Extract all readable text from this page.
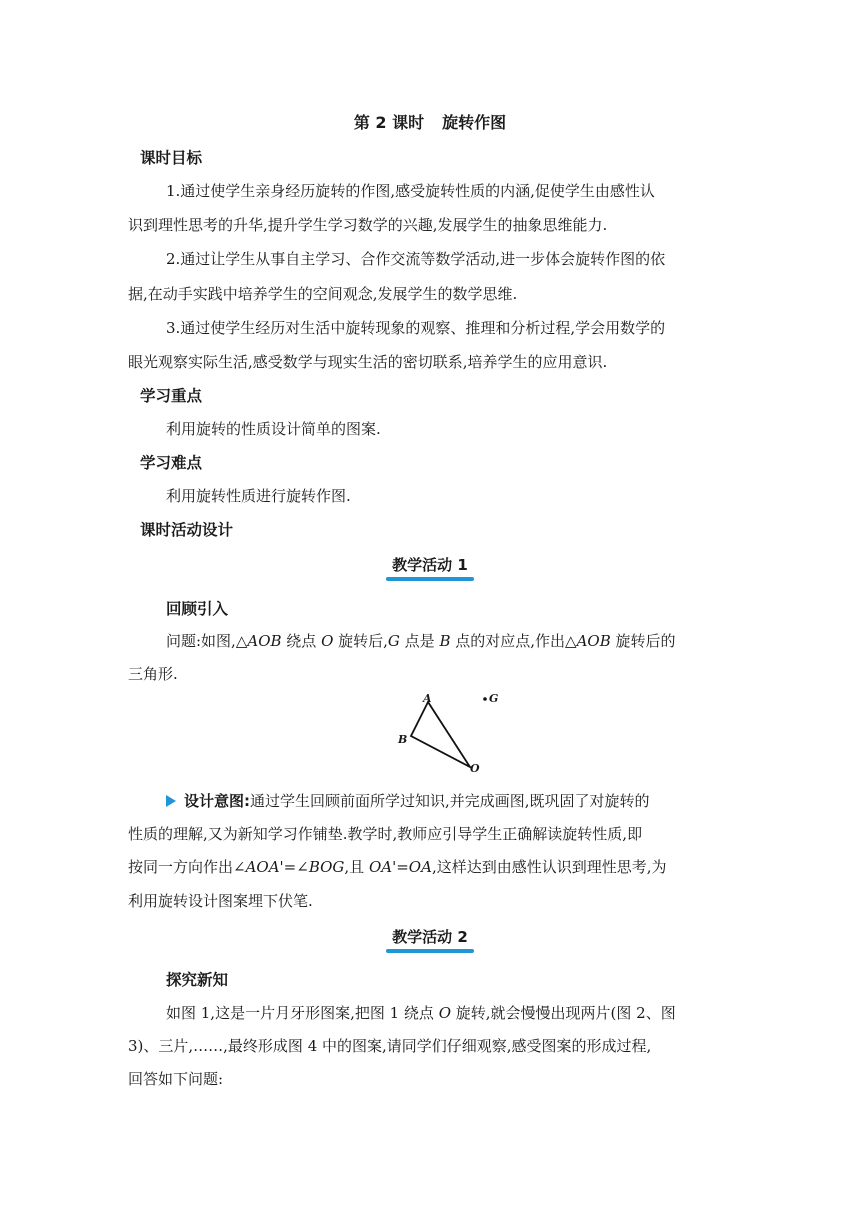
第 2 课时 旋转作图
课时目标
1.通过使学生亲身经历旋转的作图,感受旋转性质的内涵,促使学生由感性认
识到理性思考的升华,提升学生学习数学的兴趣,发展学生的抽象思维能力.
2.通过让学生从事自主学习、合作交流等数学活动,进一步体会旋转作图的依
据,在动手实践中培养学生的空间观念,发展学生的数学思维.
3.通过使学生经历对生活中旋转现象的观察、推理和分析过程,学会用数学的
眼光观察实际生活,感受数学与现实生活的密切联系,培养学生的应用意识.
学习重点
利用旋转的性质设计简单的图案.
学习难点
利用旋转性质进行旋转作图.
课时活动设计
教学活动 1
回顾引入
问题:如图,△AOB 绕点 O 旋转后,G 点是 B 点的对应点,作出△AOB 旋转后的
三角形.
A
B
O
G
设计意图:通过学生回顾前面所学过知识,并完成画图,既巩固了对旋转的
性质的理解,又为新知学习作铺垫.教学时,教师应引导学生正确解读旋转性质,即
按同一方向作出∠AOA'=∠BOG,且 OA'=OA,这样达到由感性认识到理性思考,为
利用旋转设计图案埋下伏笔.
教学活动 2
探究新知
如图 1,这是一片月牙形图案,把图 1 绕点 O 旋转,就会慢慢出现两片(图 2、图
3)、三片,……,最终形成图 4 中的图案,请同学们仔细观察,感受图案的形成过程,
回答如下问题:
